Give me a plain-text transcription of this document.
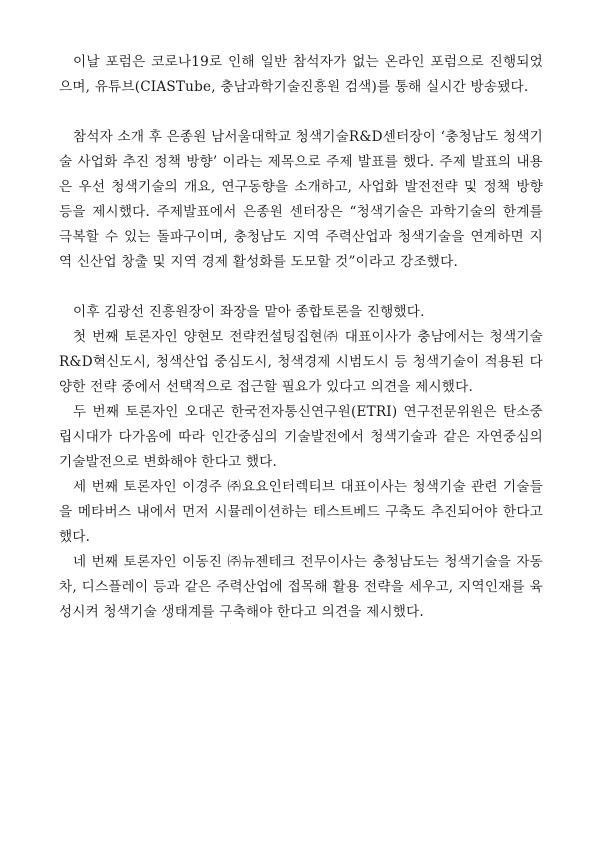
이날 포럼은 코로나19로 인해 일반 참석자가 없는 온라인 포럼으로 진행되었으며, 유튜브(CIASTube, 충남과학기술진흥원 검색)를 통해 실시간 방송됐다.

참석자 소개 후 은종원 남서울대학교 청색기술R&D센터장이 ‘충청남도 청색기술 사업화 추진 정책 방향’ 이라는 제목으로 주제 발표를 했다. 주제 발표의 내용은 우선 청색기술의 개요, 연구동향을 소개하고, 사업화 발전전략 및 정책 방향 등을 제시했다. 주제발표에서 은종원 센터장은 “청색기술은 과학기술의 한계를 극복할 수 있는 돌파구이며, 충청남도 지역 주력산업과 청색기술을 연계하면 지역 신산업 창출 및 지역 경제 활성화를 도모할 것”이라고 강조했다.

이후 김광선 진흥원장이 좌장을 맡아 종합토론을 진행했다.

첫 번째 토론자인 양현모 전략컨설팅집현㈜ 대표이사가 충남에서는 청색기술 R&D혁신도시, 청색산업 중심도시, 청색경제 시범도시 등 청색기술이 적용된 다양한 전략 중에서 선택적으로 접근할 필요가 있다고 의견을 제시했다.

두 번째 토론자인 오대곤 한국전자통신연구원(ETRI) 연구전문위원은 탄소중립시대가 다가옴에 따라 인간중심의 기술발전에서 청색기술과 같은 자연중심의 기술발전으로 변화해야 한다고 했다.

세 번째 토론자인 이경주 ㈜요요인터렉티브 대표이사는 청색기술 관련 기술들을 메타버스 내에서 먼저 시뮬레이션하는 테스트베드 구축도 추진되어야 한다고 했다.

네 번째 토론자인 이동진 ㈜뉴젠테크 전무이사는 충청남도는 청색기술을 자동차, 디스플레이 등과 같은 주력산업에 접목해 활용 전략을 세우고, 지역인재를 육성시켜 청색기술 생태계를 구축해야 한다고 의견을 제시했다.
